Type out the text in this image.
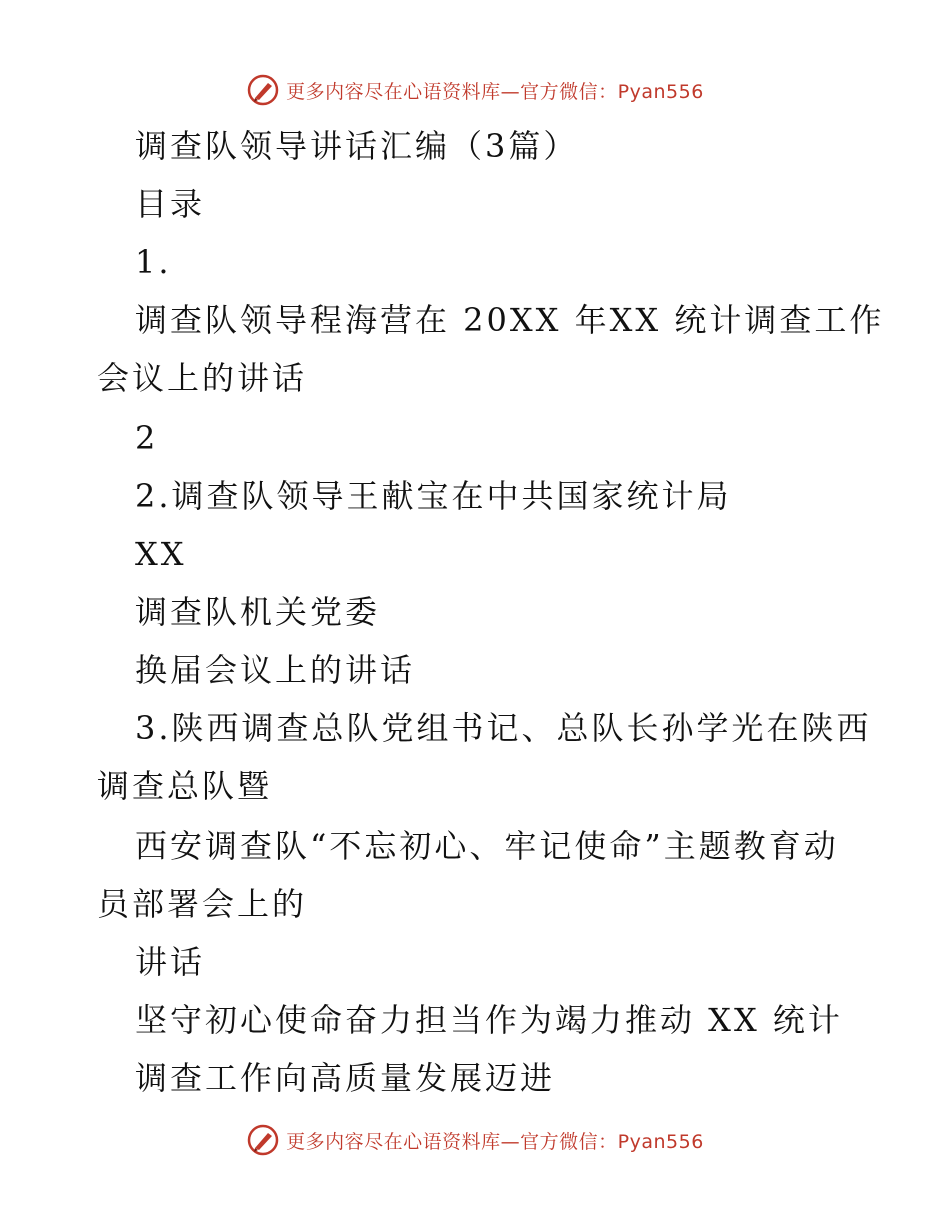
更多内容尽在心语资料库—官方微信：Pyan556
调查队领导讲话汇编（3篇）
目录
1.
调查队领导程海营在 20XX 年XX 统计调查工作
会议上的讲话
2
2.调查队领导王献宝在中共国家统计局
XX
调查队机关党委
换届会议上的讲话
3.陕西调查总队党组书记、总队长孙学光在陕西
调查总队暨
西安调查队“不忘初心、牢记使命”主题教育动
员部署会上的
讲话
坚守初心使命奋力担当作为竭力推动 XX 统计
调查工作向高质量发展迈进
更多内容尽在心语资料库—官方微信：Pyan556
